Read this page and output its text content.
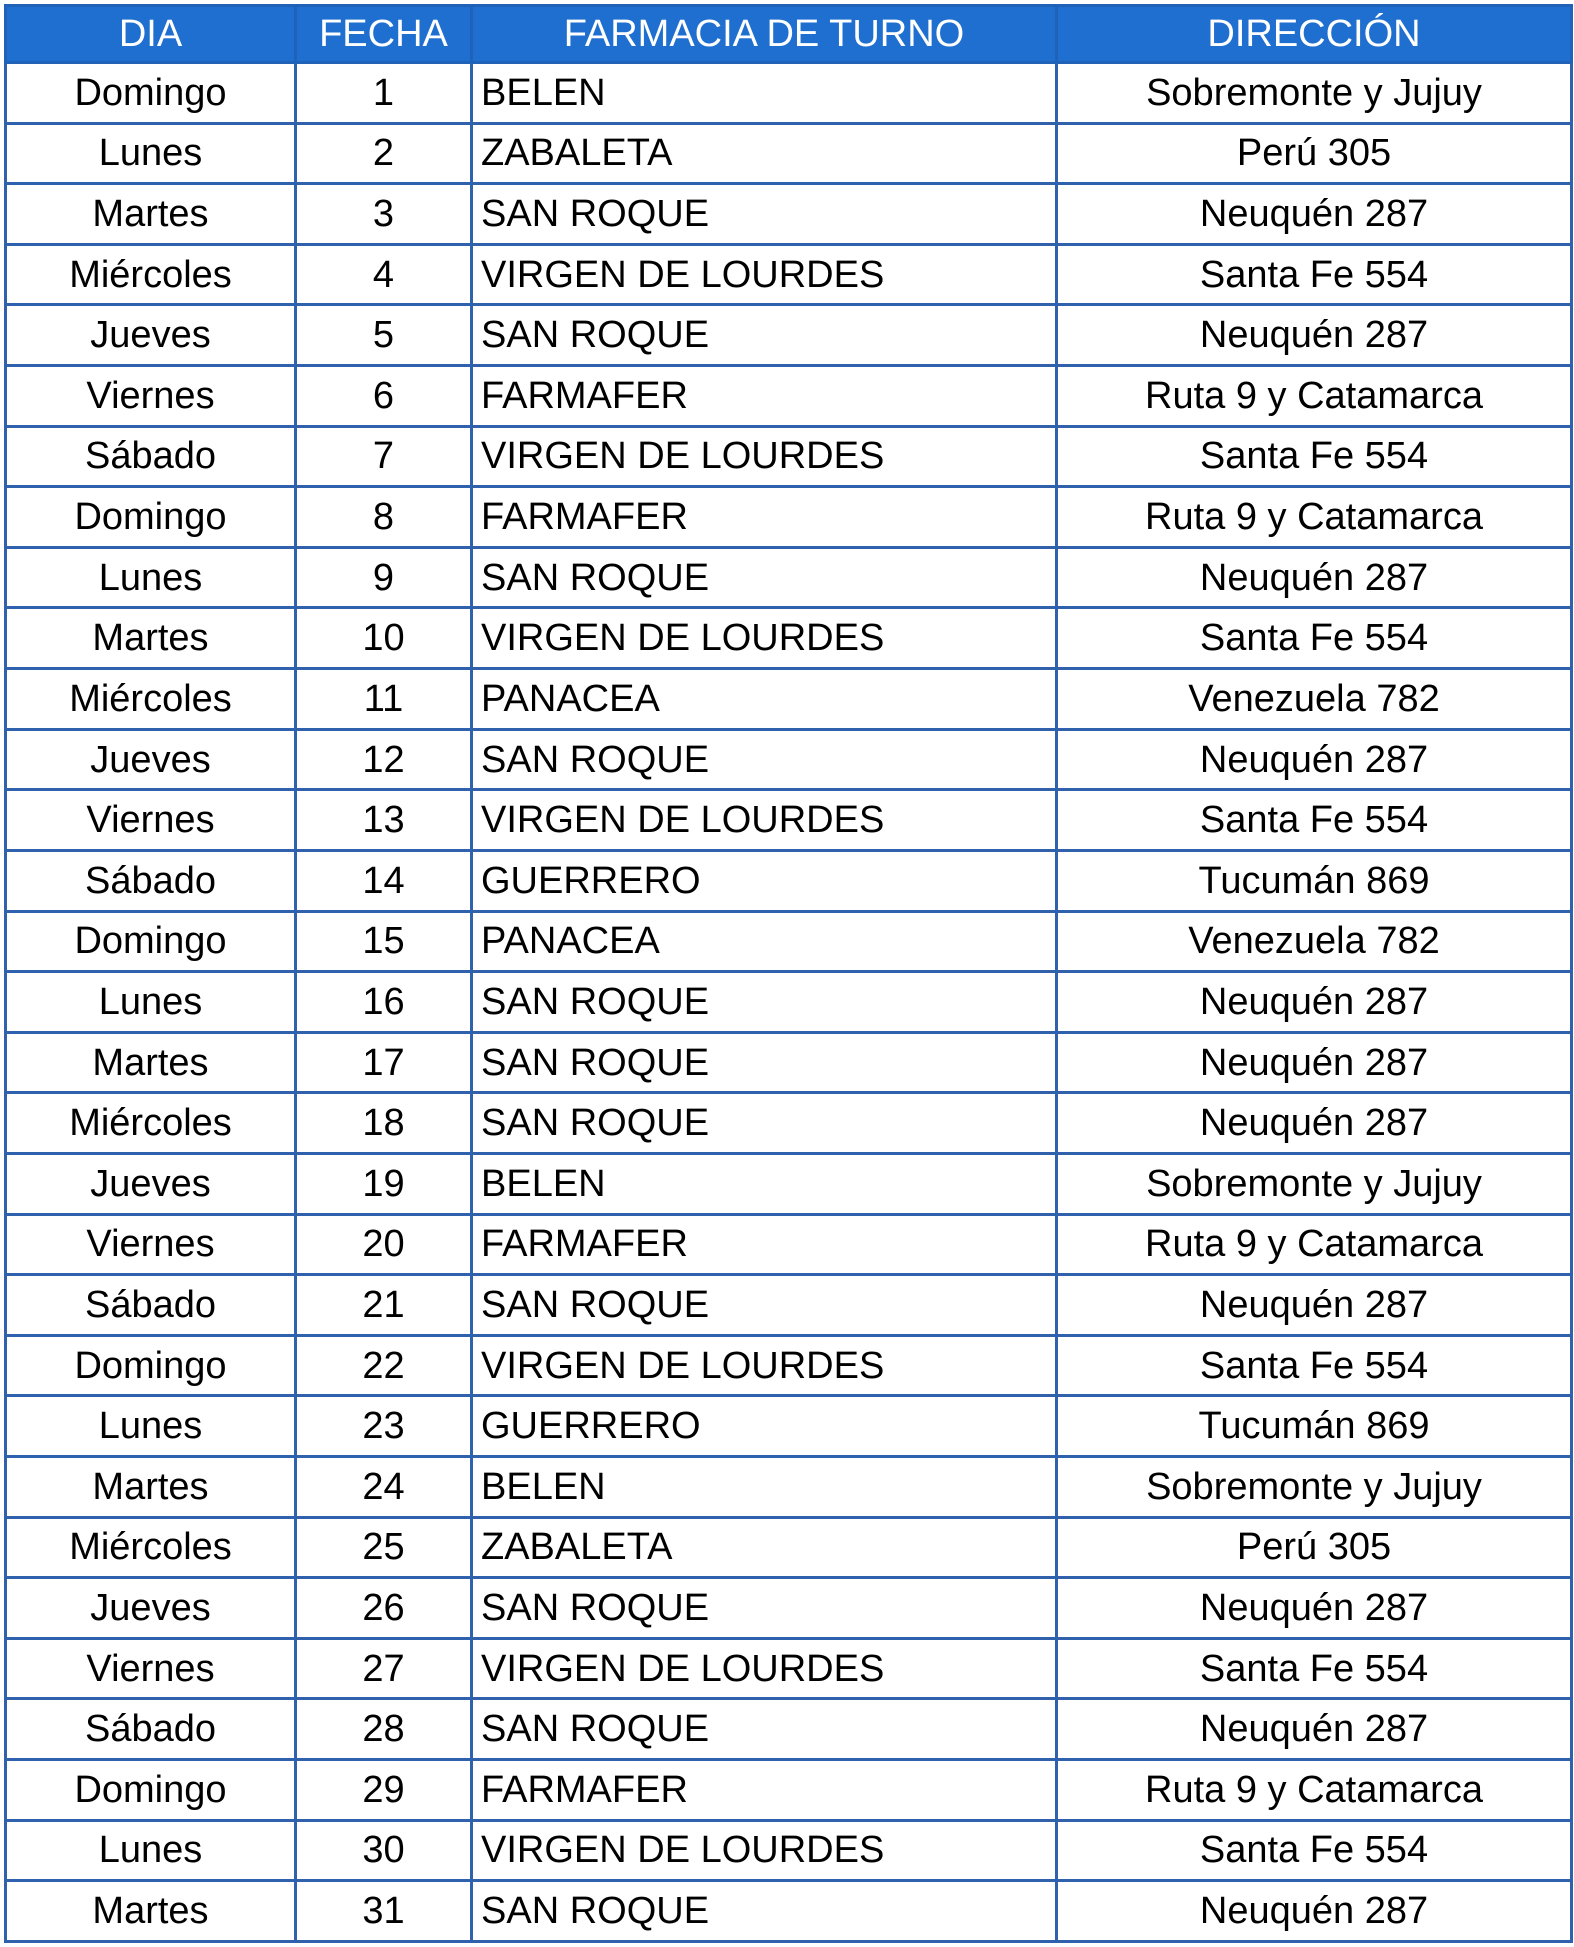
DIA	FECHA	FARMACIA DE TURNO	DIRECCIÓN
Domingo	1	BELEN	Sobremonte y Jujuy
Lunes	2	ZABALETA	Perú 305
Martes	3	SAN ROQUE	Neuquén 287
Miércoles	4	VIRGEN DE LOURDES	Santa Fe 554
Jueves	5	SAN ROQUE	Neuquén 287
Viernes	6	FARMAFER	Ruta 9 y Catamarca
Sábado	7	VIRGEN DE LOURDES	Santa Fe 554
Domingo	8	FARMAFER	Ruta 9 y Catamarca
Lunes	9	SAN ROQUE	Neuquén 287
Martes	10	VIRGEN DE LOURDES	Santa Fe 554
Miércoles	11	PANACEA	Venezuela 782
Jueves	12	SAN ROQUE	Neuquén 287
Viernes	13	VIRGEN DE LOURDES	Santa Fe 554
Sábado	14	GUERRERO	Tucumán 869
Domingo	15	PANACEA	Venezuela 782
Lunes	16	SAN ROQUE	Neuquén 287
Martes	17	SAN ROQUE	Neuquén 287
Miércoles	18	SAN ROQUE	Neuquén 287
Jueves	19	BELEN	Sobremonte y Jujuy
Viernes	20	FARMAFER	Ruta 9 y Catamarca
Sábado	21	SAN ROQUE	Neuquén 287
Domingo	22	VIRGEN DE LOURDES	Santa Fe 554
Lunes	23	GUERRERO	Tucumán 869
Martes	24	BELEN	Sobremonte y Jujuy
Miércoles	25	ZABALETA	Perú 305
Jueves	26	SAN ROQUE	Neuquén 287
Viernes	27	VIRGEN DE LOURDES	Santa Fe 554
Sábado	28	SAN ROQUE	Neuquén 287
Domingo	29	FARMAFER	Ruta 9 y Catamarca
Lunes	30	VIRGEN DE LOURDES	Santa Fe 554
Martes	31	SAN ROQUE	Neuquén 287
